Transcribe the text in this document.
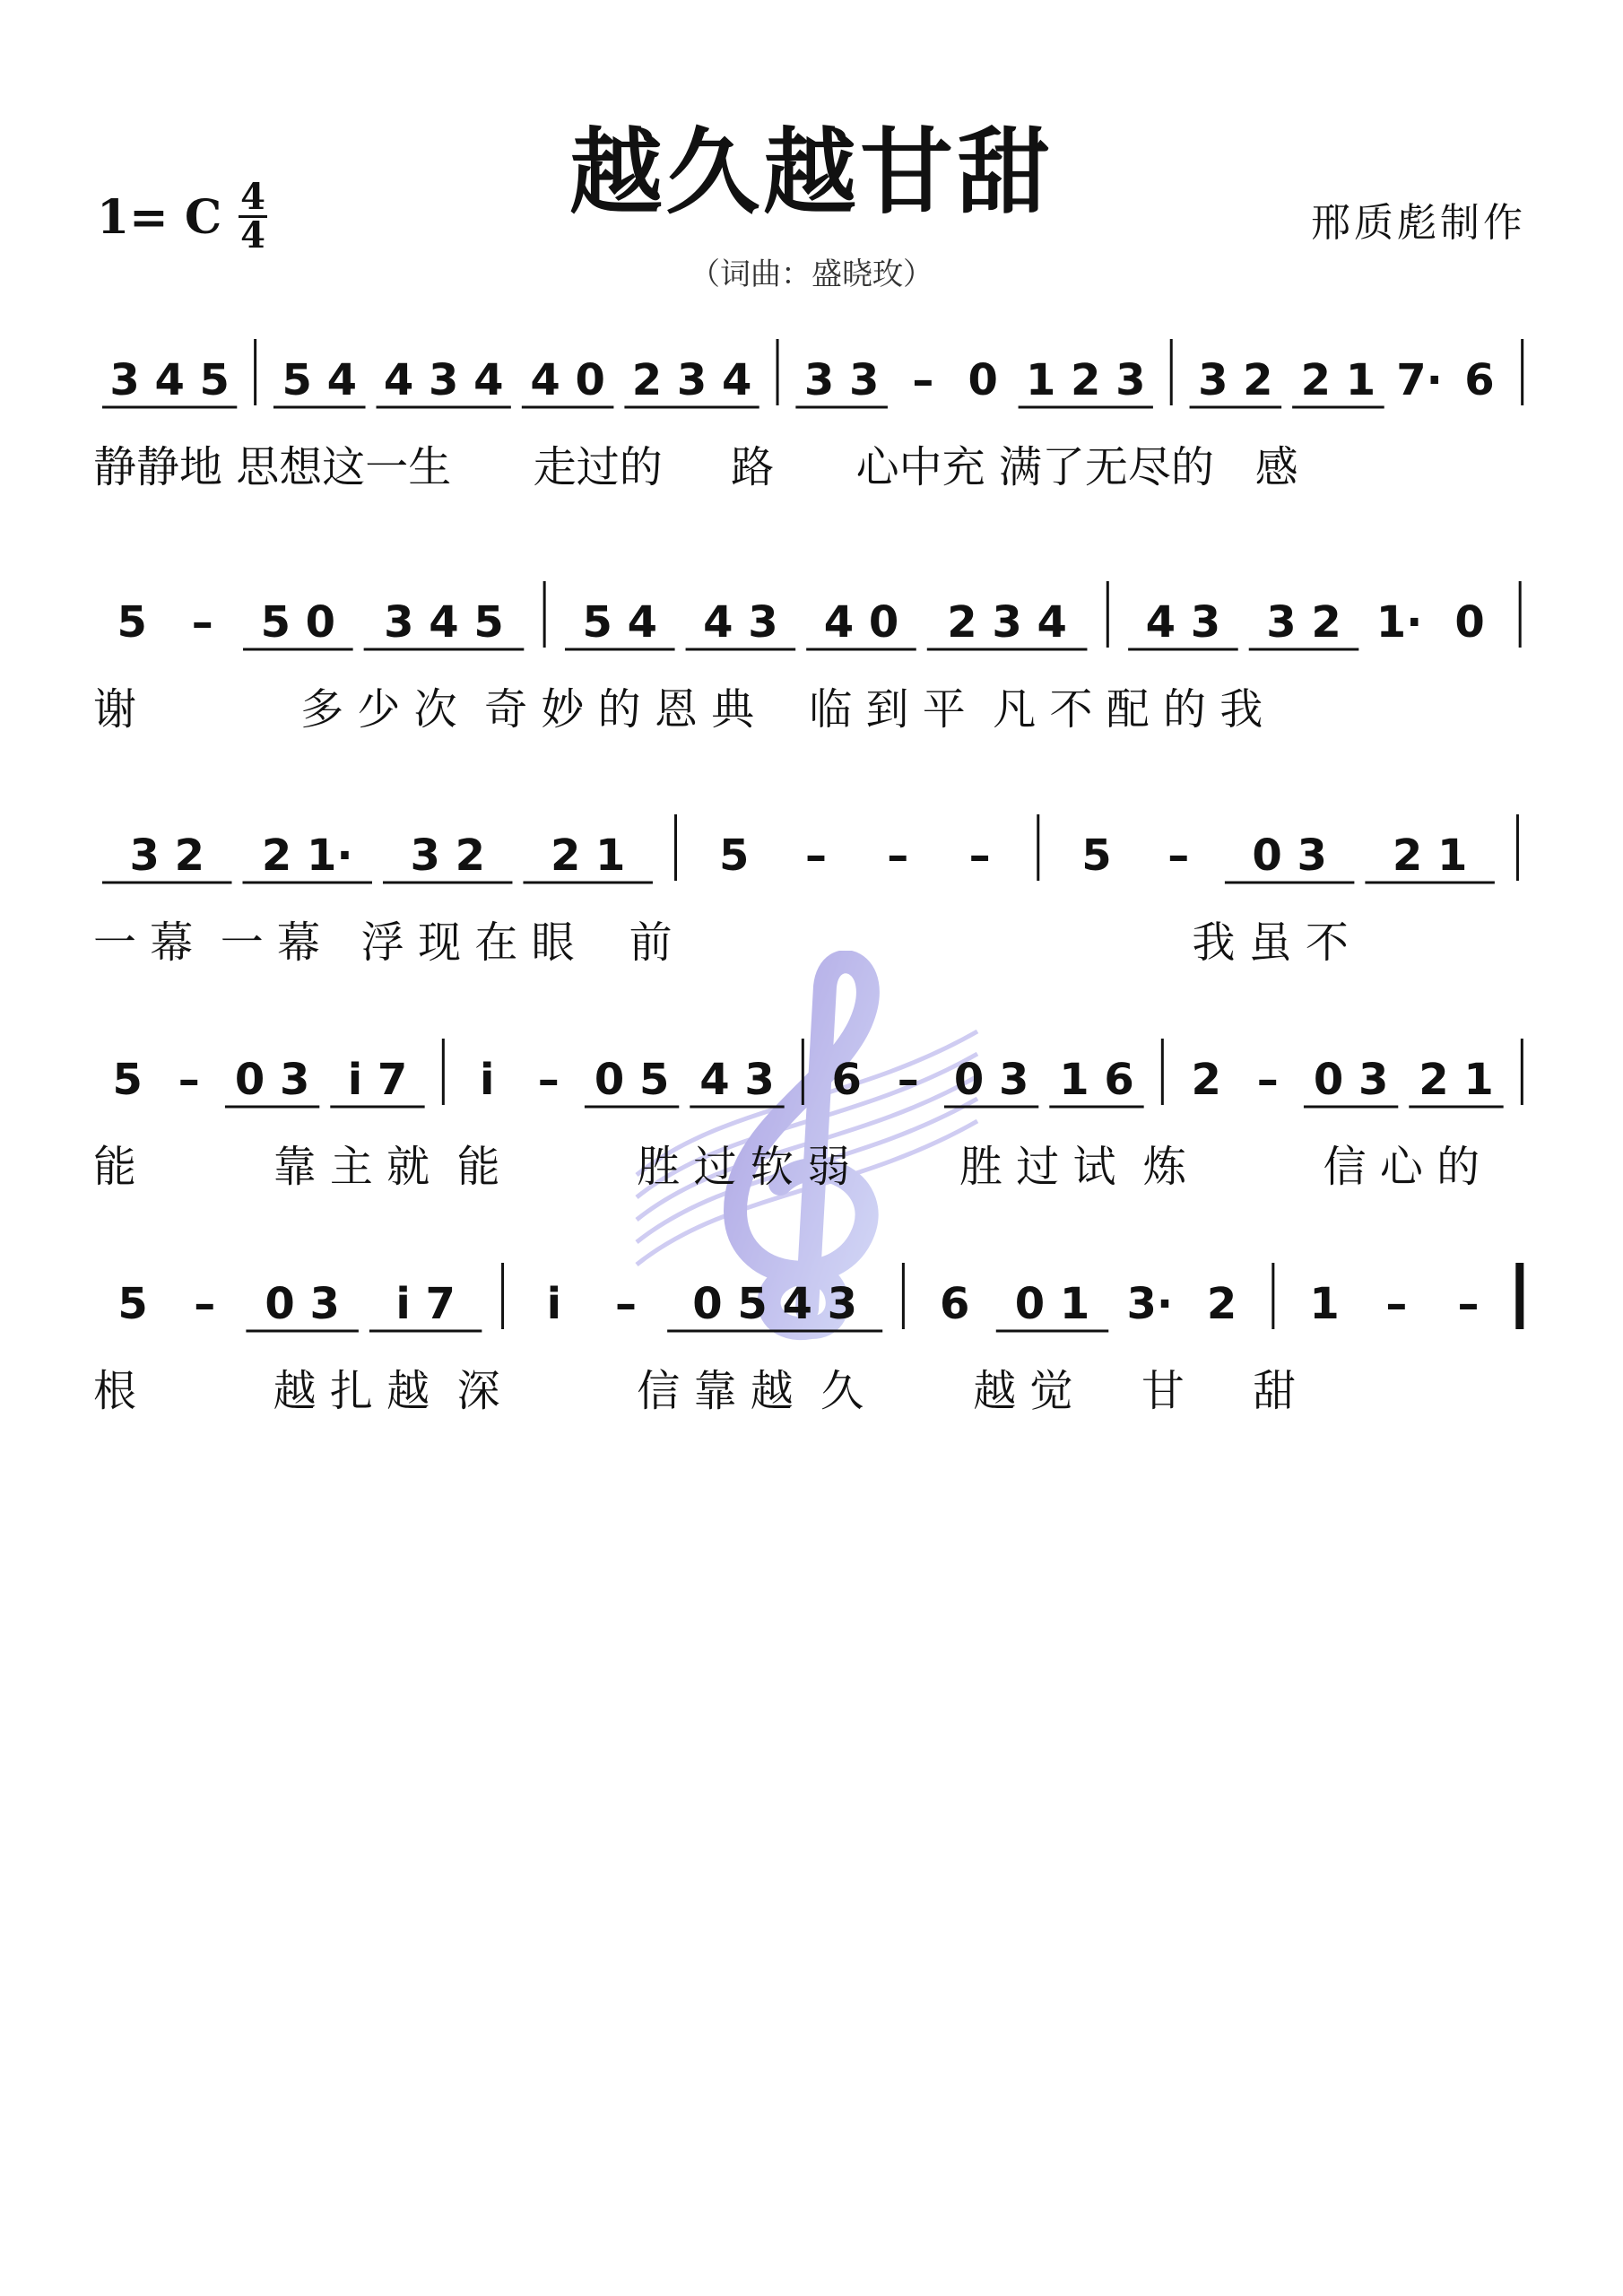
越久越甘甜
1= C 4
4	邢质彪制作
（词曲：盛晓玫）
3 4 5 5 4 4 3 4 4 0 2 3 4 3 3 – 0 1 2 3 3 2 2 1 7· 6
5 – 5 0 3 4 5 5 4 4 3 4 0 2 3 4 4 3 3 2 1· 0
3 2 2 1· 3 2 2 1 5 – – – 5 – 0 3 2 1
5 – 0 3 i 7 i – 0 5 4 3 6 – 0 3 1 6 2 – 0 3 2 1
5 – 0 3 i 7 i – 0 5 4 3 6 0 1 3· 2 1 – –
静静地 思想这一生      走过的     路      心中充 满了无尽的   感
谢            多 少 次  奇 妙 的 恩 典    临 到 平  凡 不 配 的 我
一 幕  一 幕   浮 现 在 眼    前                                      我 虽 不
能          靠 主 就  能          胜 过 软 弱        胜 过 试  炼          信 心 的
根          越 扎 越  深          信 靠 越  久        越 觉     甘     甜
